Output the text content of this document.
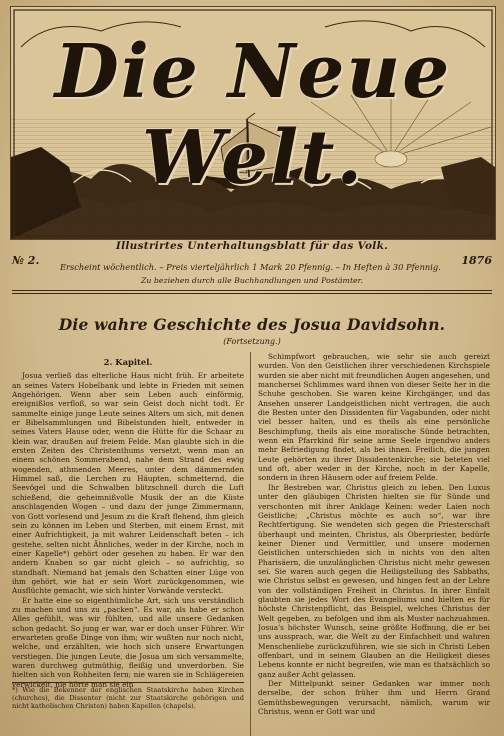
Die Neue Welt.
Illustrirtes Unterhaltungsblatt für das Volk.
№ 2.	1876
Erscheint wöchentlich. – Preis vierteljährlich 1 Mark 20 Pfennig. – In Heften à 30 Pfennig.
Zu beziehen durch alle Buchhandlungen und Postämter.
Die wahre Geschichte des Josua Davidsohn.
(Fortsetzung.)
2. Kapitel.

Josua verließ das elterliche Haus nicht früh. Er arbeitete an seines Vaters Hobelbank und lebte in Frieden mit seinen Angehörigen. Wenn aber sein Leben auch einförmig, ereignißlos verfloß, so war sein Geist doch nicht todt. Er sammelte einige junge Leute seines Alters um sich, mit denen er Bibelsammlungen und Bibelstunden hielt, entweder in seines Vaters Hause oder, wenn die Hütte für die Schaar zu klein war, draußen auf freiem Felde. Man glaubte sich in die ersten Zeiten des Christenthums versetzt, wenn man an einem schönen Sommerabend, nahe dem Strand des ewig wogenden, athmenden Meeres, unter dem dämmernden Himmel saß, die Lerchen zu Häupten, schmetternd, die Seevögel und die Schwalben blitzschnell durch die Luft schießend, die geheimnißvolle Musik der an die Küste anschlagenden Wogen – und dazu der junge Zimmermann, von Gott vorlesend und Jesum zu die Kraft flehend, ihm gleich sein zu können im Leben und Sterben, mit einem Ernst, mit einer Aufrichtigkeit, ja mit wahrer Leidenschaft beten – ich gestehe, selten nicht Ähnliches, weder in der Kirche, noch in einer Kapelle*) gehört oder gesehen zu haben. Er war den andern Knaben so gar nicht gleich – so aufrichtig, so standhaft. Niemand hat jemals den Schatten einer Lüge von ihm gehört, wie hat er sein Wort zurückgenommen, wie Ausflüchte gemacht, wie sich hinter Vorwände versteckt.

Er hatte eine so eigenthümliche Art, sich uns verständlich zu machen und uns zu „packen“. Es war, als habe er schon Alles gefühlt, was wir fühlten, und alle unsere Gedanken schon gedacht. So jung er war, war er doch unser Führer. Wir erwarteten große Dinge von ihm; wir wußten nur noch nicht, welche, und erzählten, wie hoch sich unsere Erwartungen verstiegen. Die jungen Leute, die Josua um sich versammelte, waren durchweg gutmüthig, fleißig und unverdorben. Sie hielten sich von Rohheiten fern; nie waren sie in Schlägereien verwickelt, nie hörte man sie ein

Schimpfwort gebrauchen, wie sehr sie auch gereizt wurden. Von den Geistlichen ihrer verschiedenen Kirchspiele wurden sie aber nicht mit freundlichen Augen angesehen, und manchersei Schlimmes ward ihnen von dieser Seite her in die Schuhe geschoben. Sie waren keine Kirchgänger, und das Ansehen unserer Landgeistlichen nicht vertragen, die auch die Besten unter den Dissidenten für Vagabunden, oder nicht viel besser halten, und es theils als eine persönliche Beschimpfung, theils als eine moralische Sünde betrachten, wenn ein Pfarrkind für seine arme Seele irgendwo anders mehr Befriedigung findet, als bei ihnen. Freilich, die jungen Leute gehörten zu ihrer Dissidentenkirche; sie beteten viel und oft, aber weder in der Kirche, noch in der Kapelle, sondern in ihren Häusern oder auf freiem Felde.

Ihr Bestreben war, Christus gleich zu leben. Den Luxus unter den gläubigen Christen hielten sie für Sünde und verschonten mit ihrer Anklage Keinen: weder Laien noch Geistliche; „Christus möchte es auch so“, war ihre Rechtfertigung. Sie wendeten sich gegen die Priesterschaft überhaupt und meinten, Christus, als Oberpriester, bedürfe keiner Diener und Vermittler, und unsere modernen Geistlichen unterschieden sich in nichts von den alten Pharisäern, die unzulänglichen Christus nicht mehr gewesen sei. Sie waren auch gegen die Heiligstellung des Sabbaths, wie Christus selbst es gewesen, und hingen fest an der Lehre von der vollständigen Freiheit in Christus. In ihrer Einfalt glaubten sie jedes Wort des Evangeliums und hielten es für höchste Christenpflicht, das Beispiel, welches Christus der Welt gegeben, zu befolgen und ihm als Muster nachzuahmen. Josua's höchster Wunsch, seine größte Hoffnung, die er bei uns aussprach, war, die Welt zu der Einfachheit und wahren Menschenliebe zurückzuführen, wie sie sich in Christi Leben offenbart, und in seinem Glauben an die Heiligkeit dieses Lebens konnte er nicht begreifen, wie man es thatsächlich so ganz außer Acht gelassen.

Der Mittelpunkt seiner Gedanken war immer noch derselbe, der schon früher ihm und Herrn Grand Gemüthsbewegungen verursacht, nämlich, warum wir Christus, wenn er Gott war und

*) Wie die Bekenner der englischen Staatskirche haben Kirchen (churches), die Dissenter (nicht zur Staatskirche gehörigen und nicht katholischen Christen) haben Kapellen (chapels).
